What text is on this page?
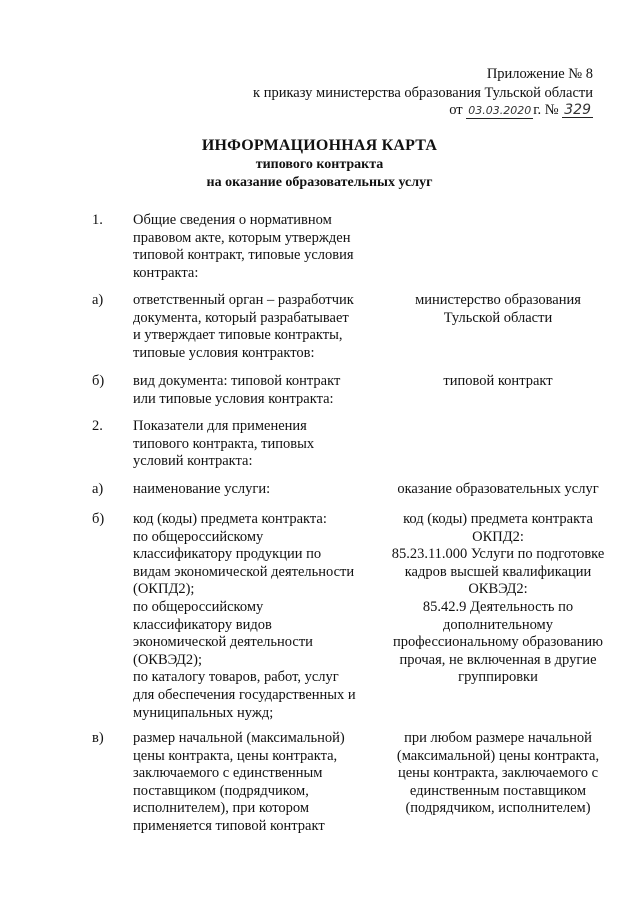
Приложение № 8
к приказу министерства образования Тульской области
от 03.03.2020 г. № 329
ИНФОРМАЦИОННАЯ КАРТА
типового контракта
на оказание образовательных услуг
1. Общие сведения о нормативном
правовом акте, которым утвержден
типовой контракт, типовые условия
контракта:
а) ответственный орган – разработчик
документа, который разрабатывает
и утверждает типовые контракты,
типовые условия контрактов:
министерство образования
Тульской области
б) вид документа: типовой контракт
или типовые условия контракта:
типовой контракт
2. Показатели для применения
типового контракта, типовых
условий контракта:
а) наименование услуги:	оказание образовательных услуг
б) код (коды) предмета контракта:
по общероссийскому
классификатору продукции по
видам экономической деятельности
(ОКПД2);
по общероссийскому
классификатору видов
экономической деятельности
(ОКВЭД2);
по каталогу товаров, работ, услуг
для обеспечения государственных и
муниципальных нужд;
код (коды) предмета контракта
ОКПД2:
85.23.11.000 Услуги по подготовке
кадров высшей квалификации
ОКВЭД2:
85.42.9 Деятельность по
дополнительному
профессиональному образованию
прочая, не включенная в другие
группировки
в) размер начальной (максимальной)
цены контракта, цены контракта,
заключаемого с единственным
поставщиком (подрядчиком,
исполнителем), при котором
применяется типовой контракт
при любом размере начальной
(максимальной) цены контракта,
цены контракта, заключаемого с
единственным поставщиком
(подрядчиком, исполнителем)
